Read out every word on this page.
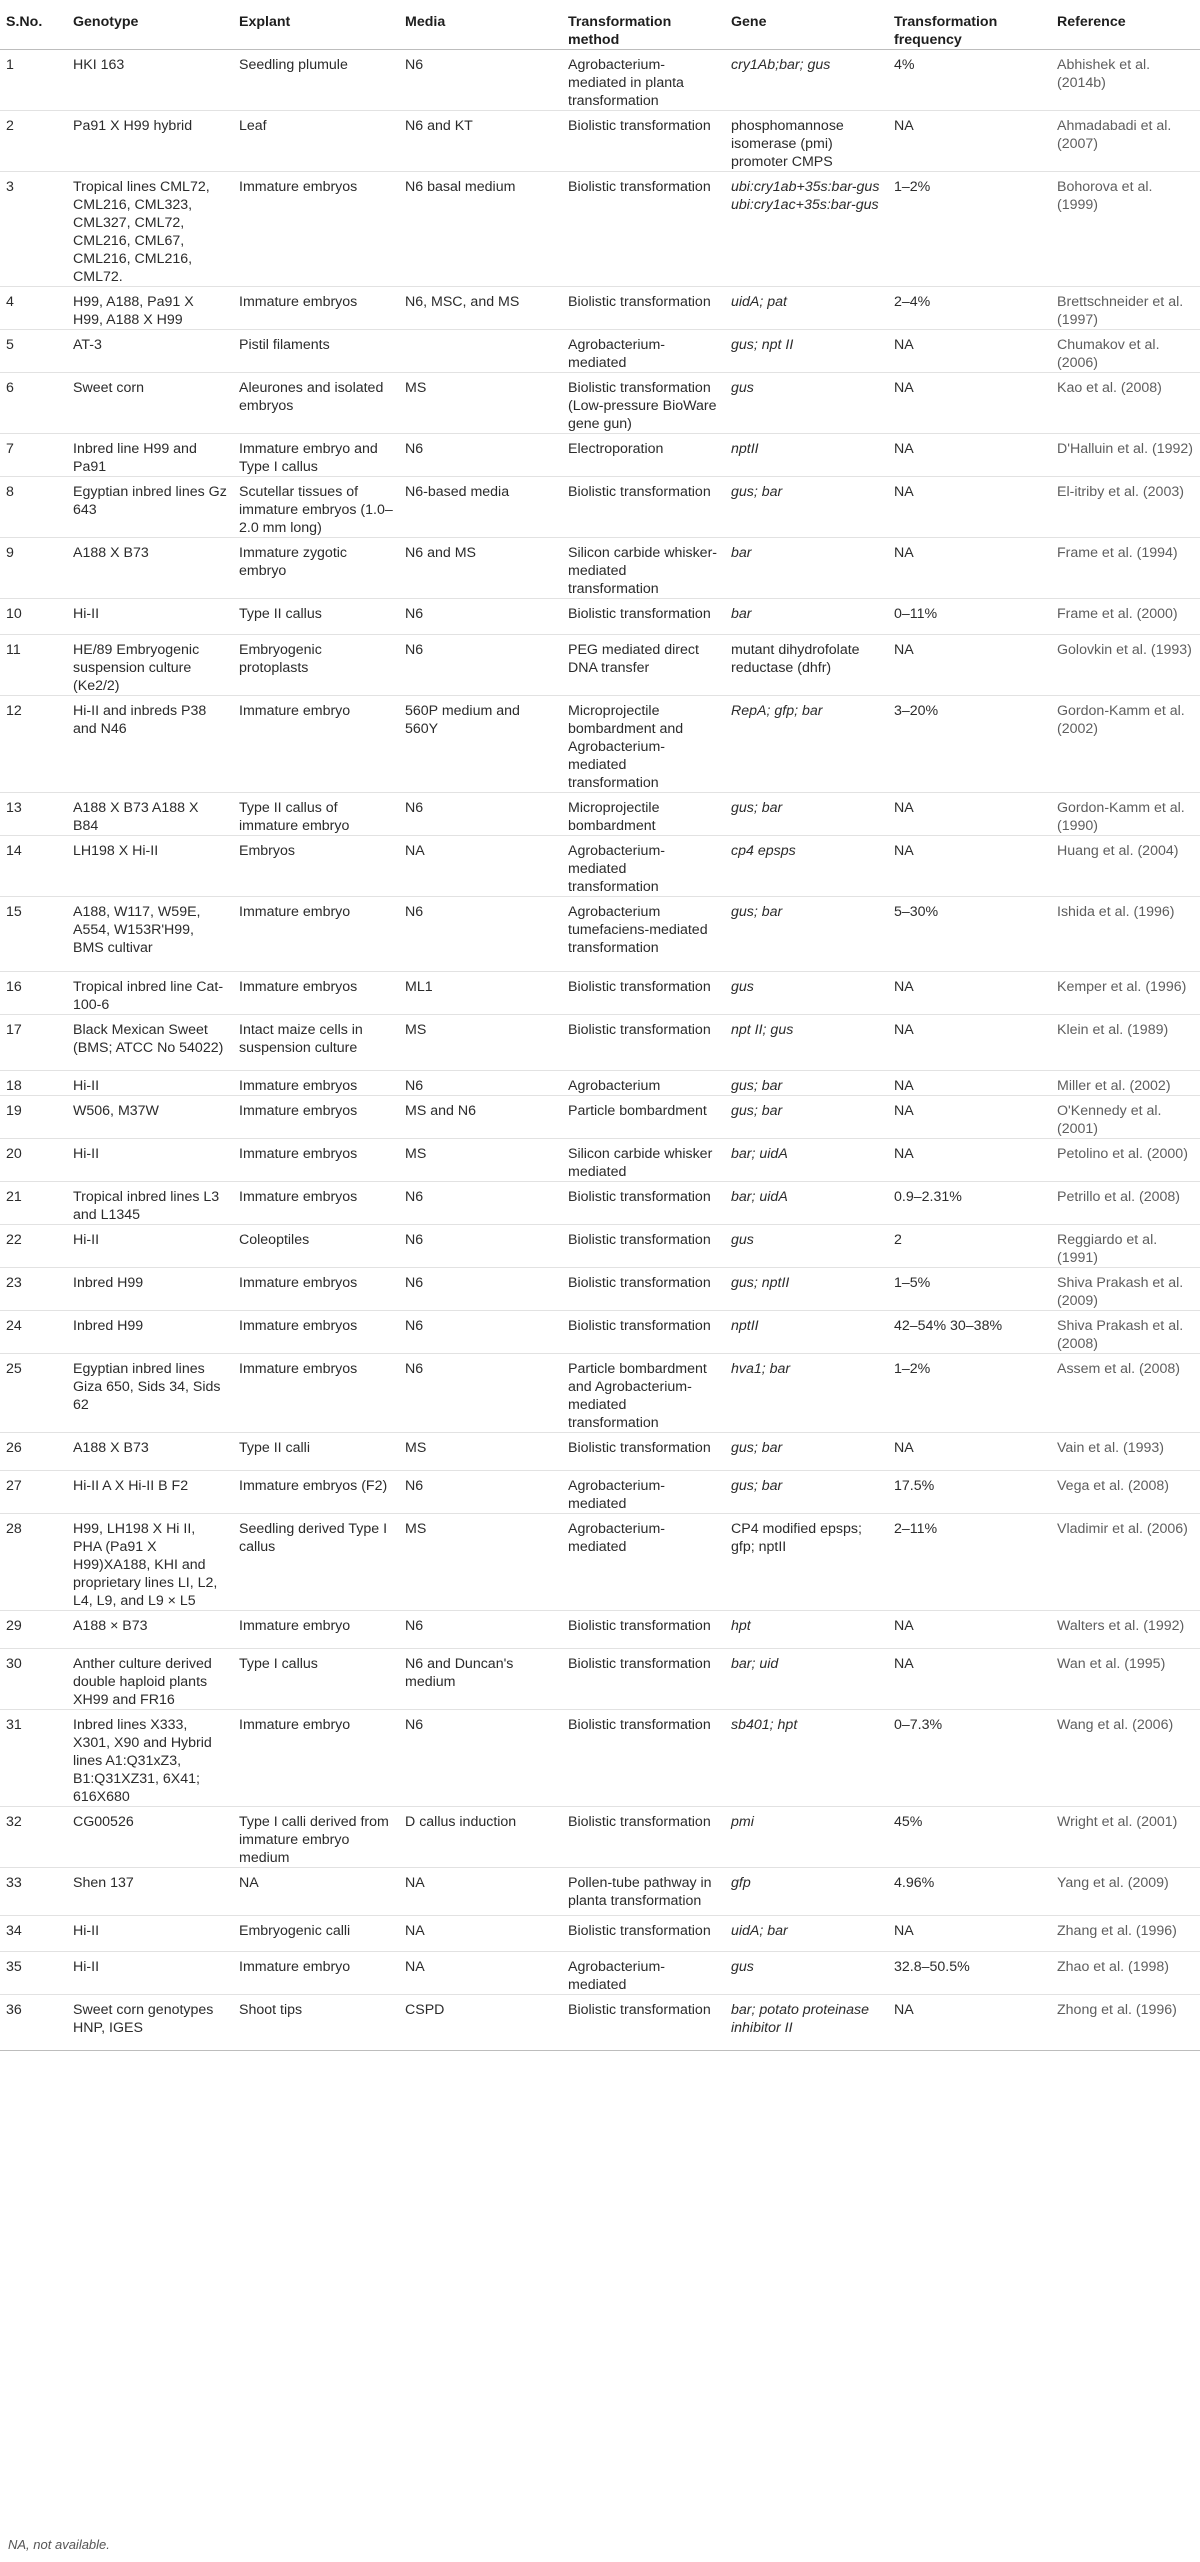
S.No.	Genotype	Explant	Media	Transformation method	Gene	Transformation frequency	Reference
1	HKI 163	Seedling plumule	N6	Agrobacterium-mediated in planta transformation	cry1Ab;bar; gus	4%	Abhishek et al. (2014b)
2	Pa91 X H99 hybrid	Leaf	N6 and KT	Biolistic transformation	phosphomannose isomerase (pmi) promoter CMPS	NA	Ahmadabadi et al. (2007)
3	Tropical lines CML72, CML216, CML323, CML327, CML72, CML216, CML67, CML216, CML216, CML72.	Immature embryos	N6 basal medium	Biolistic transformation	ubi:cry1ab+35s:bar-gus ubi:cry1ac+35s:bar-gus	1–2%	Bohorova et al. (1999)
4	H99, A188, Pa91 X H99, A188 X H99	Immature embryos	N6, MSC, and MS	Biolistic transformation	uidA; pat	2–4%	Brettschneider et al. (1997)
5	AT-3	Pistil filaments		Agrobacterium-mediated	gus; npt II	NA	Chumakov et al. (2006)
6	Sweet corn	Aleurones and isolated embryos	MS	Biolistic transformation (Low-pressure BioWare gene gun)	gus	NA	Kao et al. (2008)
7	Inbred line H99 and Pa91	Immature embryo and Type I callus	N6	Electroporation	nptII	NA	D'Halluin et al. (1992)
8	Egyptian inbred lines Gz 643	Scutellar tissues of immature embryos (1.0–2.0 mm long)	N6-based media	Biolistic transformation	gus; bar	NA	El-itriby et al. (2003)
9	A188 X B73	Immature zygotic embryo	N6 and MS	Silicon carbide whisker-mediated transformation	bar	NA	Frame et al. (1994)
10	Hi-II	Type II callus	N6	Biolistic transformation	bar	0–11%	Frame et al. (2000)
11	HE/89 Embryogenic suspension culture (Ke2/2)	Embryogenic protoplasts	N6	PEG mediated direct DNA transfer	mutant dihydrofolate reductase (dhfr)	NA	Golovkin et al. (1993)
12	Hi-II and inbreds P38 and N46	Immature embryo	560P medium and 560Y	Microprojectile bombardment and Agrobacterium-mediated transformation	RepA; gfp; bar	3–20%	Gordon-Kamm et al. (2002)
13	A188 X B73 A188 X B84	Type II callus of immature embryo	N6	Microprojectile bombardment	gus; bar	NA	Gordon-Kamm et al. (1990)
14	LH198 X Hi-II	Embryos	NA	Agrobacterium-mediated transformation	cp4 epsps	NA	Huang et al. (2004)
15	A188, W117, W59E, A554, W153R'H99, BMS cultivar	Immature embryo	N6	Agrobacterium tumefaciens-mediated transformation	gus; bar	5–30%	Ishida et al. (1996)
16	Tropical inbred line Cat-100-6	Immature embryos	ML1	Biolistic transformation	gus	NA	Kemper et al. (1996)
17	Black Mexican Sweet (BMS; ATCC No 54022)	Intact maize cells in suspension culture	MS	Biolistic transformation	npt II; gus	NA	Klein et al. (1989)
18	Hi-II	Immature embryos	N6	Agrobacterium	gus; bar	NA	Miller et al. (2002)
19	W506, M37W	Immature embryos	MS and N6	Particle bombardment	gus; bar	NA	O'Kennedy et al. (2001)
20	Hi-II	Immature embryos	MS	Silicon carbide whisker mediated	bar; uidA	NA	Petolino et al. (2000)
21	Tropical inbred lines L3 and L1345	Immature embryos	N6	Biolistic transformation	bar; uidA	0.9–2.31%	Petrillo et al. (2008)
22	Hi-II	Coleoptiles	N6	Biolistic transformation	gus	2	Reggiardo et al. (1991)
23	Inbred H99	Immature embryos	N6	Biolistic transformation	gus; nptII	1–5%	Shiva Prakash et al. (2009)
24	Inbred H99	Immature embryos	N6	Biolistic transformation	nptII	42–54% 30–38%	Shiva Prakash et al. (2008)
25	Egyptian inbred lines Giza 650, Sids 34, Sids 62	Immature embryos	N6	Particle bombardment and Agrobacterium-mediated transformation	hva1; bar	1–2%	Assem et al. (2008)
26	A188 X B73	Type II calli	MS	Biolistic transformation	gus; bar	NA	Vain et al. (1993)
27	Hi-II A X Hi-II B F2	Immature embryos (F2)	N6	Agrobacterium-mediated	gus; bar	17.5%	Vega et al. (2008)
28	H99, LH198 X Hi II, PHA (Pa91 X H99)XA188, KHI and proprietary lines LI, L2, L4, L9, and L9 × L5	Seedling derived Type I callus	MS	Agrobacterium-mediated	CP4 modified epsps; gfp; nptII	2–11%	Vladimir et al. (2006)
29	A188 × B73	Immature embryo	N6	Biolistic transformation	hpt	NA	Walters et al. (1992)
30	Anther culture derived double haploid plants XH99 and FR16	Type I callus	N6 and Duncan's medium	Biolistic transformation	bar; uid	NA	Wan et al. (1995)
31	Inbred lines X333, X301, X90 and Hybrid lines A1:Q31xZ3, B1:Q31XZ31, 6X41; 616X680	Immature embryo	N6	Biolistic transformation	sb401; hpt	0–7.3%	Wang et al. (2006)
32	CG00526	Type I calli derived from immature embryo medium	D callus induction	Biolistic transformation	pmi	45%	Wright et al. (2001)
33	Shen 137	NA	NA	Pollen-tube pathway in planta transformation	gfp	4.96%	Yang et al. (2009)
34	Hi-II	Embryogenic calli	NA	Biolistic transformation	uidA; bar	NA	Zhang et al. (1996)
35	Hi-II	Immature embryo	NA	Agrobacterium-mediated	gus	32.8–50.5%	Zhao et al. (1998)
36	Sweet corn genotypes HNP, IGES	Shoot tips	CSPD	Biolistic transformation	bar; potato proteinase inhibitor II	NA	Zhong et al. (1996)
NA, not available.
